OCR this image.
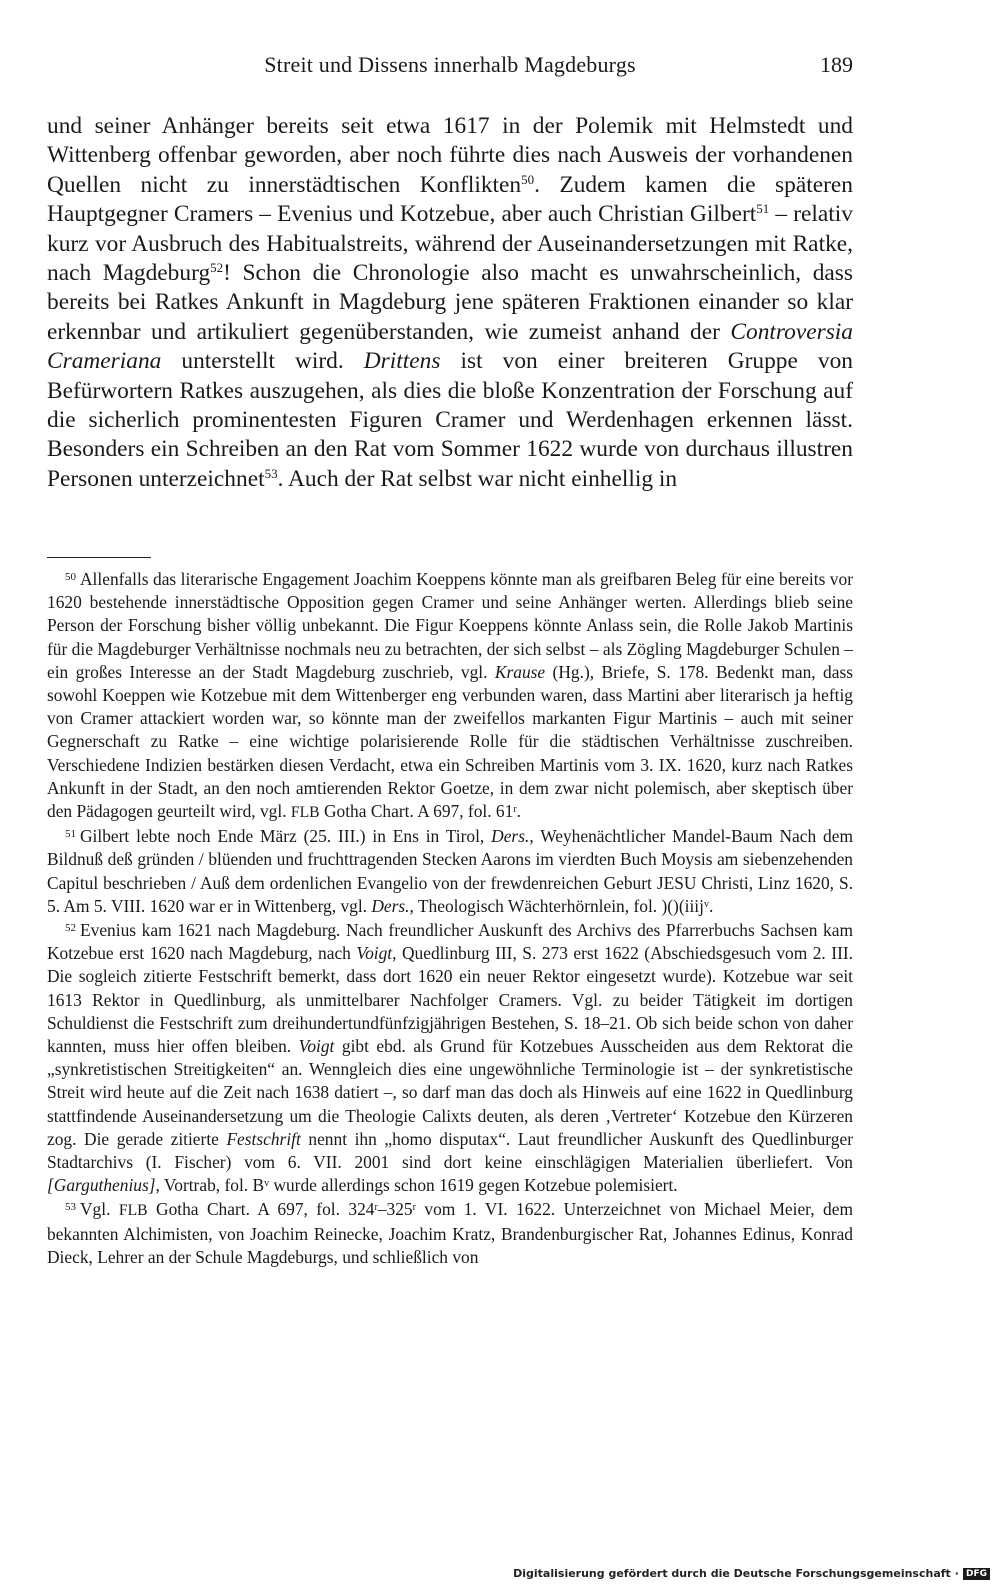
Streit und Dissens innerhalb Magdeburgs	189

und seiner Anhänger bereits seit etwa 1617 in der Polemik mit Helmstedt und Wittenberg offenbar geworden, aber noch führte dies nach Ausweis der vorhandenen Quellen nicht zu innerstädtischen Konflikten$^{50}$. Zudem kamen die späteren Hauptgegner Cramers – Evenius und Kotzebue, aber auch Christian Gilbert$^{51}$ – relativ kurz vor Ausbruch des Habitualstreits, während der Auseinandersetzungen mit Ratke, nach Magdeburg$^{52}$! Schon die Chronologie also macht es unwahrscheinlich, dass bereits bei Ratkes Ankunft in Magdeburg jene späteren Fraktionen einander so klar erkennbar und artikuliert gegenüberstanden, wie zumeist anhand der Controversia Crameriana unterstellt wird. Drittens ist von einer breiteren Gruppe von Befürwortern Ratkes auszugehen, als dies die bloße Konzentration der Forschung auf die sicherlich prominentesten Figuren Cramer und Werdenhagen erkennen lässt. Besonders ein Schreiben an den Rat vom Sommer 1622 wurde von durchaus illustren Personen unterzeichnet$^{53}$. Auch der Rat selbst war nicht einhellig in

$^{50}$ Allenfalls das literarische Engagement Joachim Koeppens könnte man als greifbaren Beleg für eine bereits vor 1620 bestehende innerstädtische Opposition gegen Cramer und seine Anhänger werten. Allerdings blieb seine Person der Forschung bisher völlig unbekannt. Die Figur Koeppens könnte Anlass sein, die Rolle Jakob Martinis für die Magdeburger Verhältnisse nochmals neu zu betrachten, der sich selbst – als Zögling Magdeburger Schulen – ein großes Interesse an der Stadt Magdeburg zuschrieb, vgl. Krause (Hg.), Briefe, S. 178. Bedenkt man, dass sowohl Koeppen wie Kotzebue mit dem Wittenberger eng verbunden waren, dass Martini aber literarisch ja heftig von Cramer attackiert worden war, so könnte man der zweifellos markanten Figur Martinis – auch mit seiner Gegnerschaft zu Ratke – eine wichtige polarisierende Rolle für die städtischen Verhältnisse zuschreiben. Verschiedene Indizien bestärken diesen Verdacht, etwa ein Schreiben Martinis vom 3. IX. 1620, kurz nach Ratkes Ankunft in der Stadt, an den noch amtierenden Rektor Goetze, in dem zwar nicht polemisch, aber skeptisch über den Pädagogen geurteilt wird, vgl. FLB Gotha Chart. A 697, fol. 61$^r$.

$^{51}$ Gilbert lebte noch Ende März (25. III.) in Ens in Tirol, Ders., Weyhenächtlicher Mandel-Baum Nach dem Bildnuß deß gründen / blüenden und fruchttragenden Stecken Aarons im vierdten Buch Moysis am siebenzehenden Capitul beschrieben / Auß dem ordenlichen Evangelio von der frewdenreichen Geburt JESU Christi, Linz 1620, S. 5. Am 5. VIII. 1620 war er in Wittenberg, vgl. Ders., Theologisch Wächterhörnlein, fol. )()(iiij$^v$.

$^{52}$ Evenius kam 1621 nach Magdeburg. Nach freundlicher Auskunft des Archivs des Pfarrerbuchs Sachsen kam Kotzebue erst 1620 nach Magdeburg, nach Voigt, Quedlinburg III, S. 273 erst 1622 (Abschiedsgesuch vom 2. III. Die sogleich zitierte Festschrift bemerkt, dass dort 1620 ein neuer Rektor eingesetzt wurde). Kotzebue war seit 1613 Rektor in Quedlinburg, als unmittelbarer Nachfolger Cramers. Vgl. zu beider Tätigkeit im dortigen Schuldienst die Festschrift zum dreihundertundfünfzigjährigen Bestehen, S. 18–21. Ob sich beide schon von daher kannten, muss hier offen bleiben. Voigt gibt ebd. als Grund für Kotzebues Ausscheiden aus dem Rektorat die „synkretistischen Streitigkeiten“ an. Wenngleich dies eine ungewöhnliche Terminologie ist – der synkretistische Streit wird heute auf die Zeit nach 1638 datiert –, so darf man das doch als Hinweis auf eine 1622 in Quedlinburg stattfindende Auseinandersetzung um die Theologie Calixts deuten, als deren ‚Vertreter‘ Kotzebue den Kürzeren zog. Die gerade zitierte Festschrift nennt ihn „homo disputax“. Laut freundlicher Auskunft des Quedlinburger Stadtarchivs (I. Fischer) vom 6. VII. 2001 sind dort keine einschlägigen Materialien überliefert. Von [Garguthenius], Vortrab, fol. $B^v$ wurde allerdings schon 1619 gegen Kotzebue polemisiert.

$^{53}$ Vgl. FLB Gotha Chart. A 697, fol. 324$^r$–325$^r$ vom 1. VI. 1622. Unterzeichnet von Michael Meier, dem bekannten Alchimisten, von Joachim Reinecke, Joachim Kratz, Brandenburgischer Rat, Johannes Edinus, Konrad Dieck, Lehrer an der Schule Magdeburgs, und schließlich von

Digitalisierung gefördert durch die Deutsche Forschungsgemeinschaft · DFG
